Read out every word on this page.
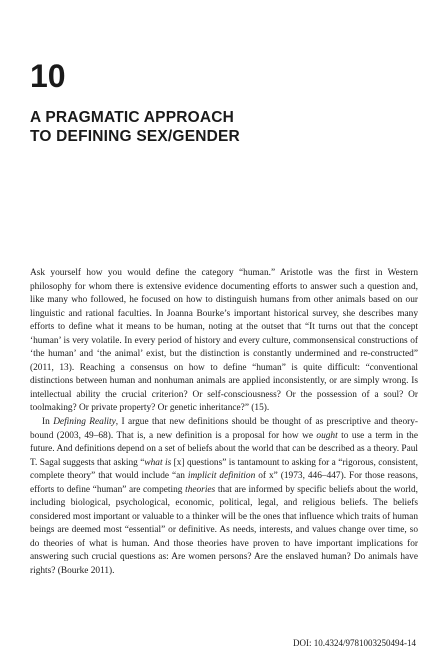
10
A PRAGMATIC APPROACH
TO DEFINING SEX/GENDER

Ask yourself how you would define the category “human.” Aristotle was the first in Western philosophy for whom there is extensive evidence documenting efforts to answer such a question and, like many who followed, he focused on how to distinguish humans from other animals based on our linguistic and rational faculties. In Joanna Bourke’s important historical survey, she describes many efforts to define what it means to be human, noting at the outset that “It turns out that the concept ‘human’ is very volatile. In every period of history and every culture, commonsensical constructions of ‘the human’ and ‘the animal’ exist, but the distinction is constantly undermined and re-constructed” (2011, 13). Reaching a consensus on how to define “human” is quite difficult: “conventional distinctions between human and nonhuman animals are applied inconsistently, or are simply wrong. Is intellectual ability the crucial criterion? Or self-consciousness? Or the possession of a soul? Or toolmaking? Or private property? Or genetic inheritance?” (15).

In Defining Reality, I argue that new definitions should be thought of as prescriptive and theory-bound (2003, 49–68). That is, a new definition is a proposal for how we ought to use a term in the future. And definitions depend on a set of beliefs about the world that can be described as a theory. Paul T. Sagal suggests that asking “what is [x] questions” is tantamount to asking for a “rigorous, consistent, complete theory” that would include “an implicit definition of x” (1973, 446–447). For those reasons, efforts to define “human” are competing theories that are informed by specific beliefs about the world, including biological, psychological, economic, political, legal, and religious beliefs. The beliefs considered most important or valuable to a thinker will be the ones that influence which traits of human beings are deemed most “essential” or definitive. As needs, interests, and values change over time, so do theories of what is human. And those theories have proven to have important implications for answering such crucial questions as: Are women persons? Are the enslaved human? Do animals have rights? (Bourke 2011).

DOI: 10.4324/9781003250494-14
